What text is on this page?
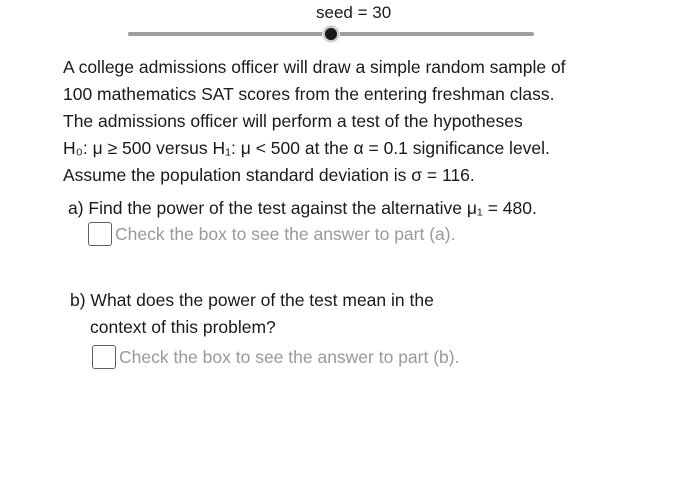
seed = 30
A college admissions officer will draw a simple random sample of
100 mathematics SAT scores from the entering freshman class.
The admissions officer will perform a test of the hypotheses
H₀: μ ≥ 500 versus H₁: μ < 500 at the α = 0.1 significance level.
Assume the population standard deviation is σ = 116.
a) Find the power of the test against the alternative μ₁ = 480.
Check the box to see the answer to part (a).
b) What does the power of the test mean in the
context of this problem?
Check the box to see the answer to part (b).
